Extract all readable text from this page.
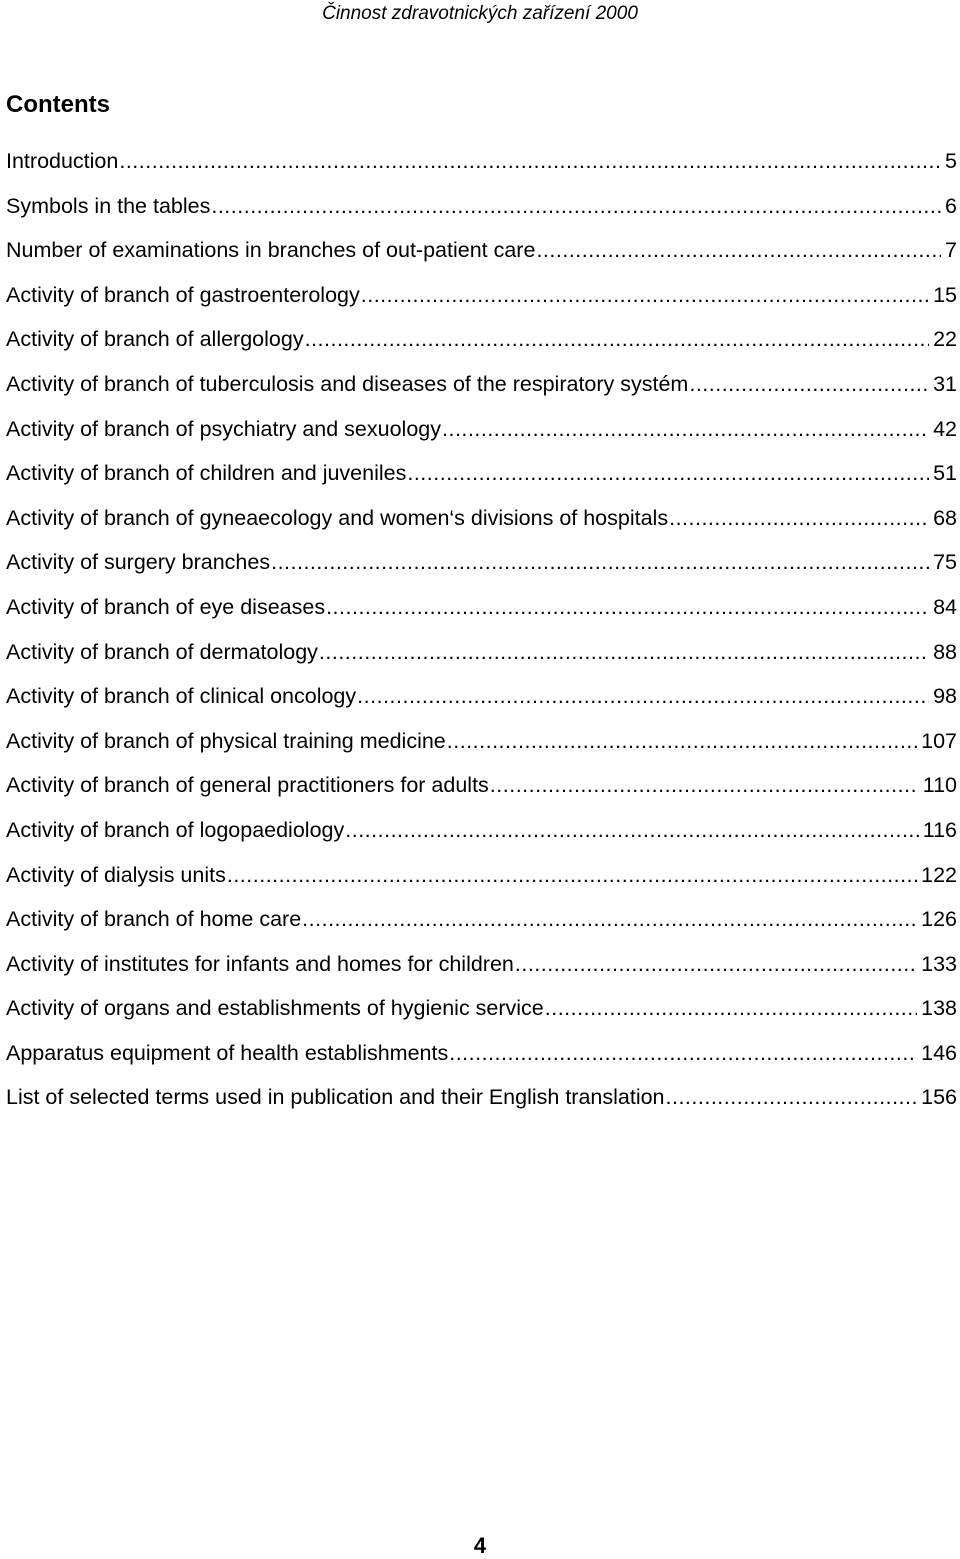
Činnost zdravotnických zařízení 2000
Contents
Introduction .....	5
Symbols in the tables .....	6
Number of examinations in branches of out-patient care .....	7
Activity of branch of gastroenterology .....	15
Activity of branch of allergology .....	22
Activity of branch of tuberculosis and diseases of the respiratory systém .....	31
Activity of branch of psychiatry and sexuology .....	42
Activity of branch of children and juveniles .....	51
Activity of branch of gyneaecology and women‘s divisions of hospitals .....	68
Activity of surgery branches .....	75
Activity of branch of eye diseases .....	84
Activity of branch of dermatology .....	88
Activity of branch of clinical oncology .....	98
Activity of branch of physical training medicine .....	107
Activity of branch of general practitioners for adults .....	110
Activity of branch of logopaediology .....	116
Activity of dialysis units .....	122
Activity of branch of home care .....	126
Activity of institutes for infants and homes for children .....	133
Activity of organs and establishments of hygienic service .....	138
Apparatus equipment of health establishments .....	146
List of selected terms used in publication and their English translation .....	156
4
